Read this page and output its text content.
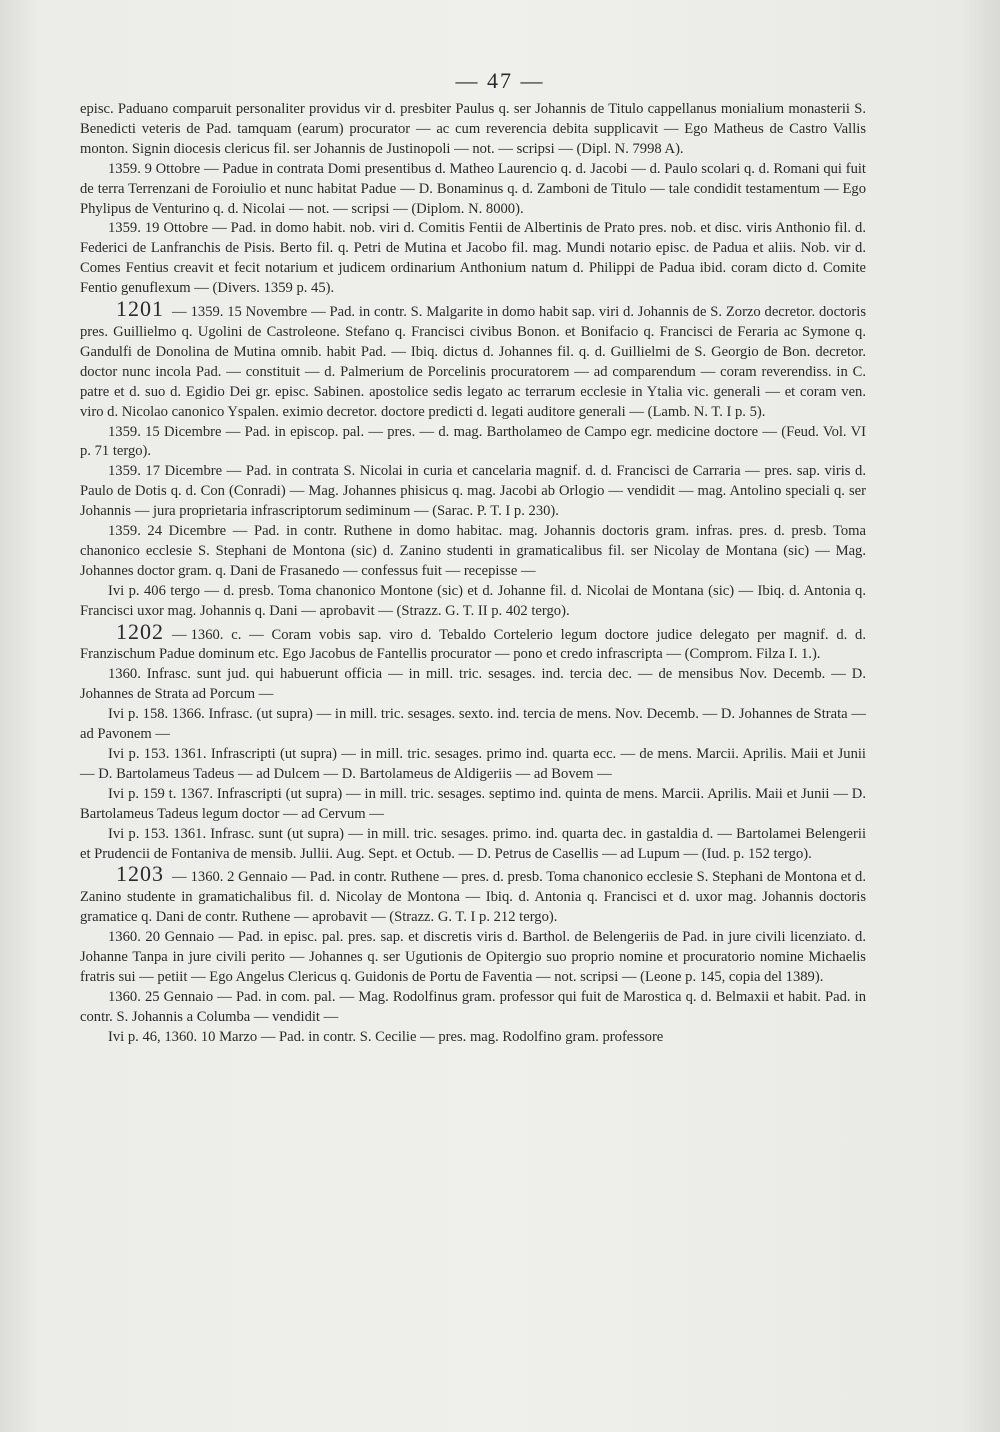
— 47 —

episc. Paduano comparuit personaliter providus vir d. presbiter Paulus q. ser Johannis de Titulo cappellanus monialium monasterii S. Benedicti veteris de Pad. tamquam (earum) procurator — ac cum reverencia debita supplicavit — Ego Matheus de Castro Vallis monton. Signin diocesis clericus fil. ser Johannis de Justinopoli — not. — scripsi — (Dipl. N. 7998 A).

1359. 9 Ottobre — Padue in contrata Domi presentibus d. Matheo Laurencio q. d. Jacobi — d. Paulo scolari q. d. Romani qui fuit de terra Terrenzani de Foroiulio et nunc habitat Padue — D. Bonaminus q. d. Zamboni de Titulo — tale condidit testamentum — Ego Phylipus de Venturino q. d. Nicolai — not. — scripsi — (Diplom. N. 8000).

1359. 19 Ottobre — Pad. in domo habit. nob. viri d. Comitis Fentii de Albertinis de Prato pres. nob. et disc. viris Anthonio fil. d. Federici de Lanfranchis de Pisis. Berto fil. q. Petri de Mutina et Jacobo fil. mag. Mundi notario episc. de Padua et aliis. Nob. vir d. Comes Fentius creavit et fecit notarium et judicem ordinarium Anthonium natum d. Philippi de Padua ibid. coram dicto d. Comite Fentio genuflexum — (Divers. 1359 p. 45).

1201 — 1359. 15 Novembre — Pad. in contr. S. Malgarite in domo habit sap. viri d. Johannis de S. Zorzo decretor. doctoris pres. Guillielmo q. Ugolini de Castroleone. Stefano q. Francisci civibus Bonon. et Bonifacio q. Francisci de Feraria ac Symone q. Gandulfi de Donolina de Mutina omnib. habit Pad. — Ibiq. dictus d. Johannes fil. q. d. Guillielmi de S. Georgio de Bon. decretor. doctor nunc incola Pad. — constituit — d. Palmerium de Porcelinis procuratorem — ad comparendum — coram reverendiss. in C. patre et d. suo d. Egidio Dei gr. episc. Sabinen. apostolice sedis legato ac terrarum ecclesie in Ytalia vic. generali — et coram ven. viro d. Nicolao canonico Yspalen. eximio decretor. doctore predicti d. legati auditore generali — (Lamb. N. T. I p. 5).

1359. 15 Dicembre — Pad. in episcop. pal. — pres. — d. mag. Bartholameo de Campo egr. medicine doctore — (Feud. Vol. VI p. 71 tergo).

1359. 17 Dicembre — Pad. in contrata S. Nicolai in curia et cancelaria magnif. d. d. Francisci de Carraria — pres. sap. viris d. Paulo de Dotis q. d. Con (Conradi) — Mag. Johannes phisicus q. mag. Jacobi ab Orlogio — vendidit — mag. Antolino speciali q. ser Johannis — jura proprietaria infrascriptorum sediminum — (Sarac. P. T. I p. 230).

1359. 24 Dicembre — Pad. in contr. Ruthene in domo habitac. mag. Johannis doctoris gram. infras. pres. d. presb. Toma chanonico ecclesie S. Stephani de Montona (sic) d. Zanino studenti in gramaticalibus fil. ser Nicolay de Montana (sic) — Mag. Johannes doctor gram. q. Dani de Frasanedo — confessus fuit — recepisse —

Ivi p. 406 tergo — d. presb. Toma chanonico Montone (sic) et d. Johanne fil. d. Nicolai de Montana (sic) — Ibiq. d. Antonia q. Francisci uxor mag. Johannis q. Dani — aprobavit — (Strazz. G. T. II p. 402 tergo).

1202 — 1360. c. — Coram vobis sap. viro d. Tebaldo Cortelerio legum doctore judice delegato per magnif. d. d. Franzischum Padue dominum etc. Ego Jacobus de Fantellis procurator — pono et credo infrascripta — (Comprom. Filza I. 1.).

1360. Infrasc. sunt jud. qui habuerunt officia — in mill. tric. sesages. ind. tercia dec. — de mensibus Nov. Decemb. — D. Johannes de Strata ad Porcum —

Ivi p. 158. 1366. Infrasc. (ut supra) — in mill. tric. sesages. sexto. ind. tercia de mens. Nov. Decemb. — D. Johannes de Strata — ad Pavonem —

Ivi p. 153. 1361. Infrascripti (ut supra) — in mill. tric. sesages. primo ind. quarta ecc. — de mens. Marcii. Aprilis. Maii et Junii — D. Bartolameus Tadeus — ad Dulcem — D. Bartolameus de Aldigeriis — ad Bovem —

Ivi p. 159 t. 1367. Infrascripti (ut supra) — in mill. tric. sesages. septimo ind. quinta de mens. Marcii. Aprilis. Maii et Junii — D. Bartolameus Tadeus legum doctor — ad Cervum —

Ivi p. 153. 1361. Infrasc. sunt (ut supra) — in mill. tric. sesages. primo. ind. quarta dec. in gastaldia d. — Bartolamei Belengerii et Prudencii de Fontaniva de mensib. Jullii. Aug. Sept. et Octub. — D. Petrus de Casellis — ad Lupum — (Iud. p. 152 tergo).

1203 — 1360. 2 Gennaio — Pad. in contr. Ruthene — pres. d. presb. Toma chanonico ecclesie S. Stephani de Montona et d. Zanino studente in gramatichalibus fil. d. Nicolay de Montona — Ibiq. d. Antonia q. Francisci et d. uxor mag. Johannis doctoris gramatice q. Dani de contr. Ruthene — aprobavit — (Strazz. G. T. I p. 212 tergo).

1360. 20 Gennaio — Pad. in episc. pal. pres. sap. et discretis viris d. Barthol. de Belengeriis de Pad. in jure civili licenziato. d. Johanne Tanpa in jure civili perito — Johannes q. ser Ugutionis de Opitergio suo proprio nomine et procuratorio nomine Michaelis fratris sui — petiit — Ego Angelus Clericus q. Guidonis de Portu de Faventia — not. scripsi — (Leone p. 145, copia del 1389).

1360. 25 Gennaio — Pad. in com. pal. — Mag. Rodolfinus gram. professor qui fuit de Marostica q. d. Belmaxii et habit. Pad. in contr. S. Johannis a Columba — vendidit —

Ivi p. 46, 1360. 10 Marzo — Pad. in contr. S. Cecilie — pres. mag. Rodolfino gram. professore
